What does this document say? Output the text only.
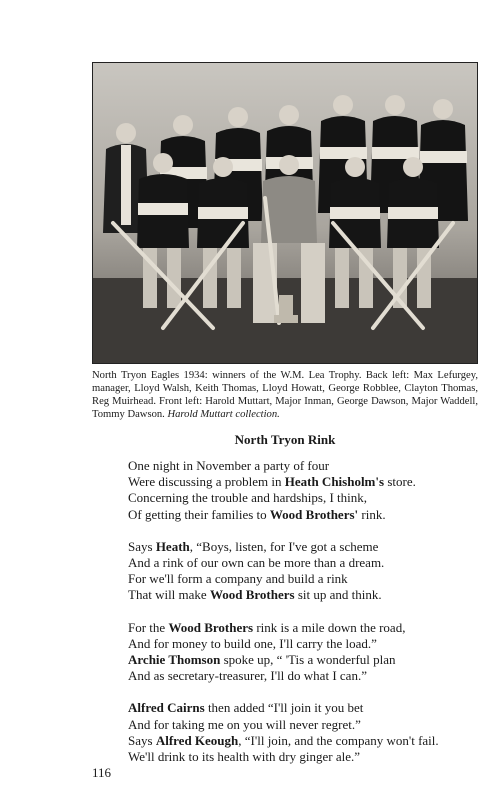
North Tryon Eagles 1934: winners of the W.M. Lea Trophy. Back left: Max Lefurgey, manager, Lloyd Walsh, Keith Thomas, Lloyd Howatt, George Robblee, Clayton Thomas, Reg Muirhead. Front left: Harold Muttart, Major Inman, George Dawson, Major Waddell, Tommy Dawson. Harold Muttart collection.
North Tryon Rink
One night in November a party of four
Were discussing a problem in Heath Chisholm's store.
Concerning the trouble and hardships, I think,
Of getting their families to Wood Brothers' rink.
Says Heath, “Boys, listen, for I've got a scheme
And a rink of our own can be more than a dream.
For we'll form a company and build a rink
That will make Wood Brothers sit up and think.
For the Wood Brothers rink is a mile down the road,
And for money to build one, I'll carry the load.”
Archie Thomson spoke up, “ 'Tis a wonderful plan
And as secretary-treasurer, I'll do what I can.”
Alfred Cairns then added “I'll join it you bet
And for taking me on you will never regret.”
Says Alfred Keough, “I'll join, and the company won't fail.
We'll drink to its health with dry ginger ale.”
116
